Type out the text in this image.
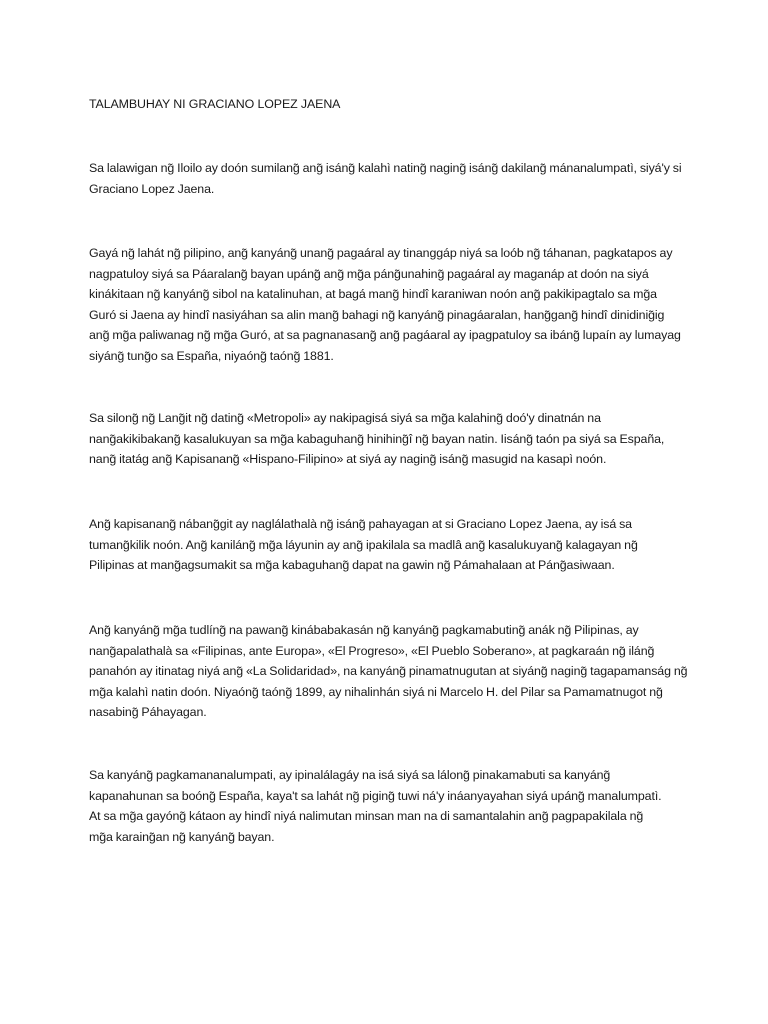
TALAMBUHAY NI GRACIANO LOPEZ JAENA

Sa lalawigan ng̃ Iloilo ay doón sumilang̃ ang̃ isáng̃ kalahì nating̃ naging̃ isáng̃ dakilang̃ mánanalumpatì, siyá'y si Graciano Lopez Jaena.

Gayá ng̃ lahát ng̃ pilipino, ang̃ kanyáng̃ unang̃ pagaáral ay tinanggáp niyá sa loób ng̃ táhanan, pagkatapos ay nagpatuloy siyá sa Páaralang̃ bayan upáng̃ ang̃ mg̃a páng̃unahing̃ pagaáral ay maganáp at doón na siyá kinákitaan ng̃ kanyáng̃ sibol na katalinuhan, at bagá mang̃ hindî karaniwan noón ang̃ pakikipagtalo sa mg̃a Guró si Jaena ay hindî nasiyáhan sa alin mang̃ bahagi ng̃ kanyáng̃ pinagáaralan, hang̃gang̃ hindî dinidinig̃ig ang̃ mg̃a paliwanag ng̃ mg̃a Guró, at sa pagnanasang̃ ang̃ pagáaral ay ipagpatuloy sa ibáng̃ lupaín ay lumayag siyáng̃ tung̃o sa España, niyaóng̃ taóng̃ 1881.

Sa silong̃ ng̃ Lang̃it ng̃ dating̃ «Metropoli» ay nakipagisá siyá sa mg̃a kalahing̃ doó'y dinatnán na nang̃akikibakang̃ kasalukuyan sa mg̃a kabaguhang̃ hinihing̃î ng̃ bayan natin. Iisáng̃ taón pa siyá sa España, nang̃ itatág ang̃ Kapisanang̃ «Hispano-Filipino» at siyá ay naging̃ isáng̃ masugid na kasapì noón.

Ang̃ kapisanang̃ nábang̃git ay naglálathalà ng̃ isáng̃ pahayagan at si Graciano Lopez Jaena, ay isá sa tumang̃kilik noón. Ang̃ kaniláng̃ mg̃a láyunin ay ang̃ ipakilala sa madlâ ang̃ kasalukuyang̃ kalagayan ng̃ Pilipinas at mang̃agsumakit sa mg̃a kabaguhang̃ dapat na gawin ng̃ Pámahalaan at Páng̃asiwaan.

Ang̃ kanyáng̃ mg̃a tudlíng̃ na pawang̃ kinábabakasán ng̃ kanyáng̃ pagkamabuting̃ anák ng̃ Pilipinas, ay nang̃apalathalà sa «Filipinas, ante Europa», «El Progreso», «El Pueblo Soberano», at pagkaraán ng̃ iláng̃ panahón ay itinatag niyá ang̃ «La Solidaridad», na kanyáng̃ pinamatnugutan at siyáng̃ naging̃ tagapamanság ng̃ mg̃a kalahì natin doón. Niyaóng̃ taóng̃ 1899, ay nihalinhán siyá ni Marcelo H. del Pilar sa Pamamatnugot ng̃ nasabing̃ Páhayagan.

Sa kanyáng̃ pagkamananalumpati, ay ipinalálagáy na isá siyá sa lálong̃ pinakamabuti sa kanyáng̃ kapanahunan sa boóng̃ España, kaya't sa lahát ng̃ piging̃ tuwi ná'y ináanyayahan siyá upáng̃ manalumpatì. At sa mg̃a gayóng̃ kátaon ay hindî niyá nalimutan minsan man na di samantalahin ang̃ pagpapakilala ng̃ mg̃a karaing̃an ng̃ kanyáng̃ bayan.
